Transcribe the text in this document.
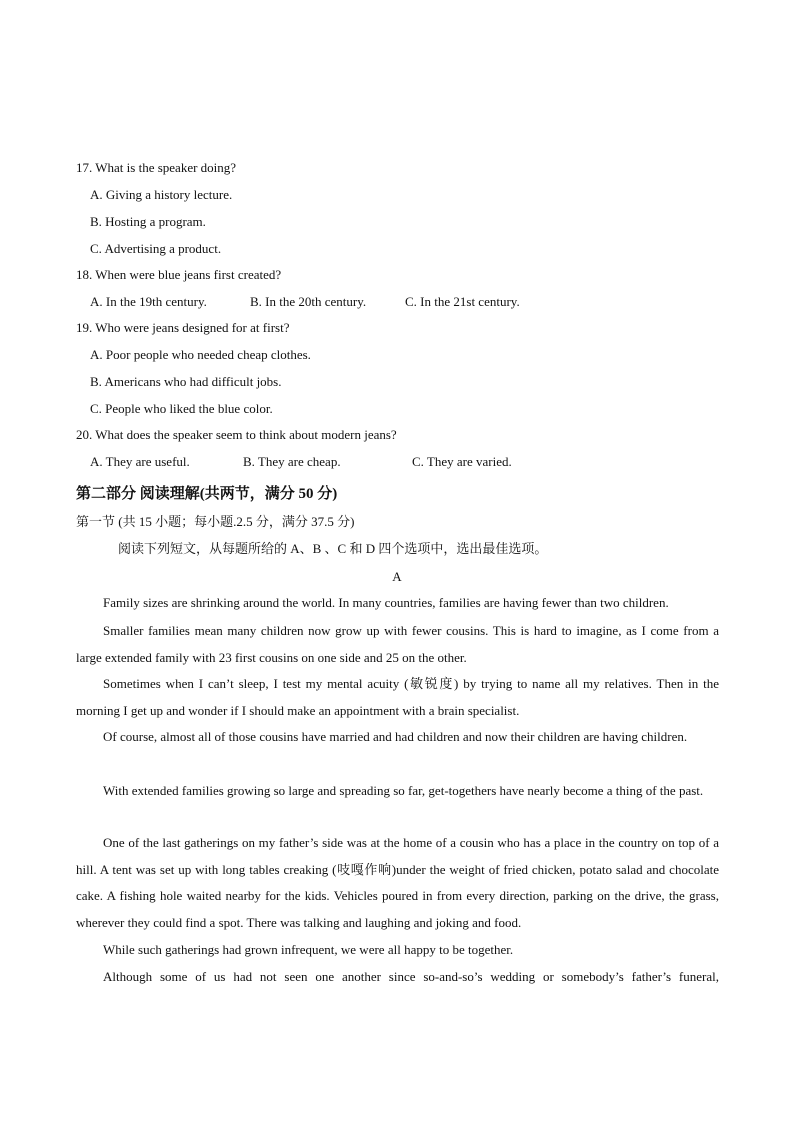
17. What is the speaker doing?
A. Giving a history lecture.
B. Hosting a program.
C. Advertising a product.
18. When were blue jeans first created?
A. In the 19th century.	B. In the 20th century.	C. In the 21st century.
19. Who were jeans designed for at first?
A. Poor people who needed cheap clothes.
B. Americans who had difficult jobs.
C. People who liked the blue color.
20. What does the speaker seem to think about modern jeans?
A. They are useful.	B. They are cheap.	C. They are varied.
第二部分 阅读理解(共两节，满分 50 分)
第一节 (共 15 小题；每小题.2.5 分，满分 37.5 分)
阅读下列短文，从每题所给的 A、B 、C 和 D 四个选项中，选出最佳选项。
A
Family sizes are shrinking around the world. In many countries, families are having fewer than two children.
Smaller families mean many children now grow up with fewer cousins. This is hard to imagine, as I come from a large extended family with 23 first cousins on one side and 25 on the other.
Sometimes when I can’t sleep, I test my mental acuity (敏锐度) by trying to name all my relatives. Then in the morning I get up and wonder if I should make an appointment with a brain specialist.
Of course, almost all of those cousins have married and had children and now their children are having children.
With extended families growing so large and spreading so far, get-togethers have nearly become a thing of the past.
One of the last gatherings on my father’s side was at the home of a cousin who has a place in the country on top of a hill. A tent was set up with long tables creaking (吱嘎作响)under the weight of fried chicken, potato salad and chocolate cake. A fishing hole waited nearby for the kids. Vehicles poured in from every direction, parking on the drive, the grass, wherever they could find a spot. There was talking and laughing and joking and food.
While such gatherings had grown infrequent, we were all happy to be together.
Although some of us had not seen one another since so-and-so’s wedding or somebody’s father’s funeral,
